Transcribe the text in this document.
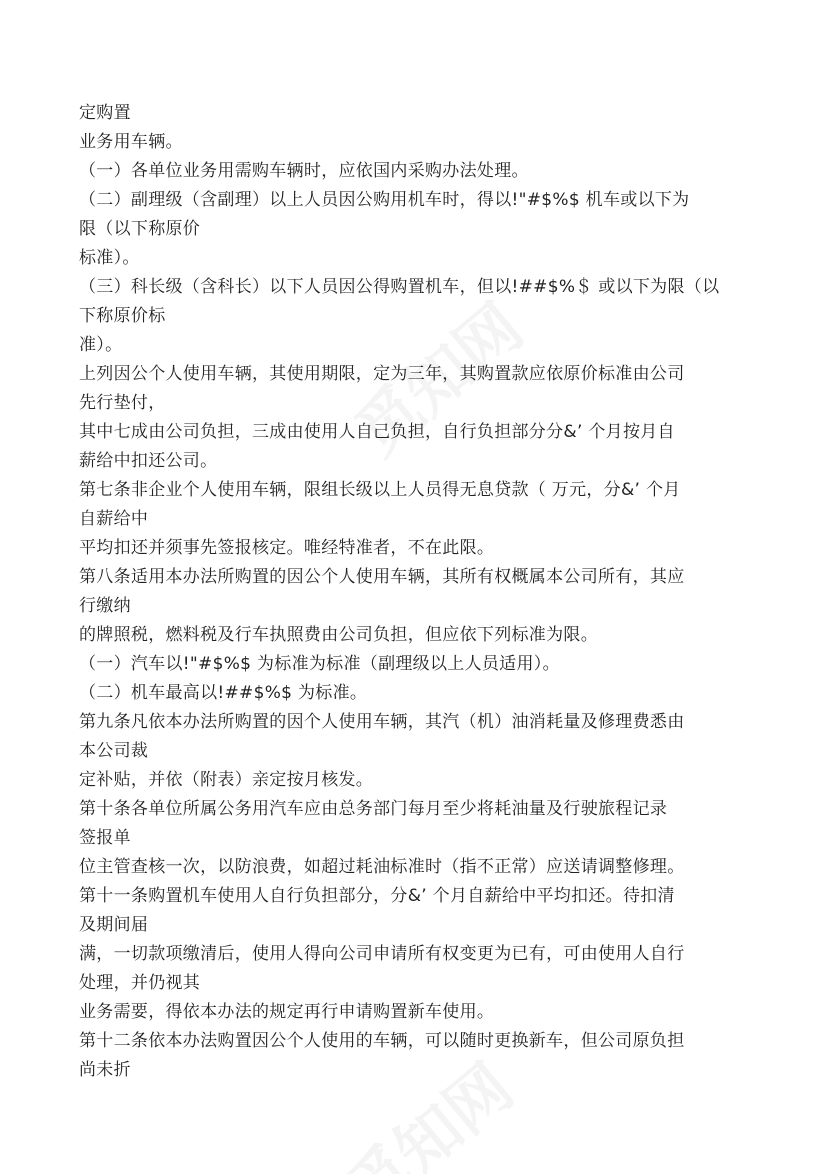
定购置
业务用车辆。
（一）各单位业务用需购车辆时，应依国内采购办法处理。
（二）副理级（含副理）以上人员因公购用机车时，得以!"#$%$ 机车或以下为
限（以下称原价
标准）。
（三）科长级（含科长）以下人员因公得购置机车，但以!##$%＄ 或以下为限（以
下称原价标
准）。
上列因公个人使用车辆，其使用期限，定为三年，其购置款应依原价标准由公司
先行垫付，
其中七成由公司负担，三成由使用人自己负担，自行负担部分分&’ 个月按月自
薪给中扣还公司。
第七条非企业个人使用车辆，限组长级以上人员得无息贷款（ 万元，分&’ 个月
自薪给中
平均扣还并须事先签报核定。唯经特准者，不在此限。
第八条适用本办法所购置的因公个人使用车辆，其所有权概属本公司所有，其应
行缴纳
的牌照税，燃料税及行车执照费由公司负担，但应依下列标准为限。
（一）汽车以!"#$%$ 为标准为标准（副理级以上人员适用）。
（二）机车最高以!##$%$ 为标准。
第九条凡依本办法所购置的因个人使用车辆，其汽（机）油消耗量及修理费悉由
本公司裁
定补贴，并依（附表）亲定按月核发。
第十条各单位所属公务用汽车应由总务部门每月至少将耗油量及行驶旅程记录
签报单
位主管查核一次，以防浪费，如超过耗油标准时（指不正常）应送请调整修理。
第十一条购置机车使用人自行负担部分，分&’ 个月自薪给中平均扣还。待扣清
及期间届
满，一切款项缴清后，使用人得向公司申请所有权变更为已有，可由使用人自行
处理，并仍视其
业务需要，得依本办法的规定再行申请购置新车使用。
第十二条依本办法购置因公个人使用的车辆，可以随时更换新车，但公司原负担
尚未折
